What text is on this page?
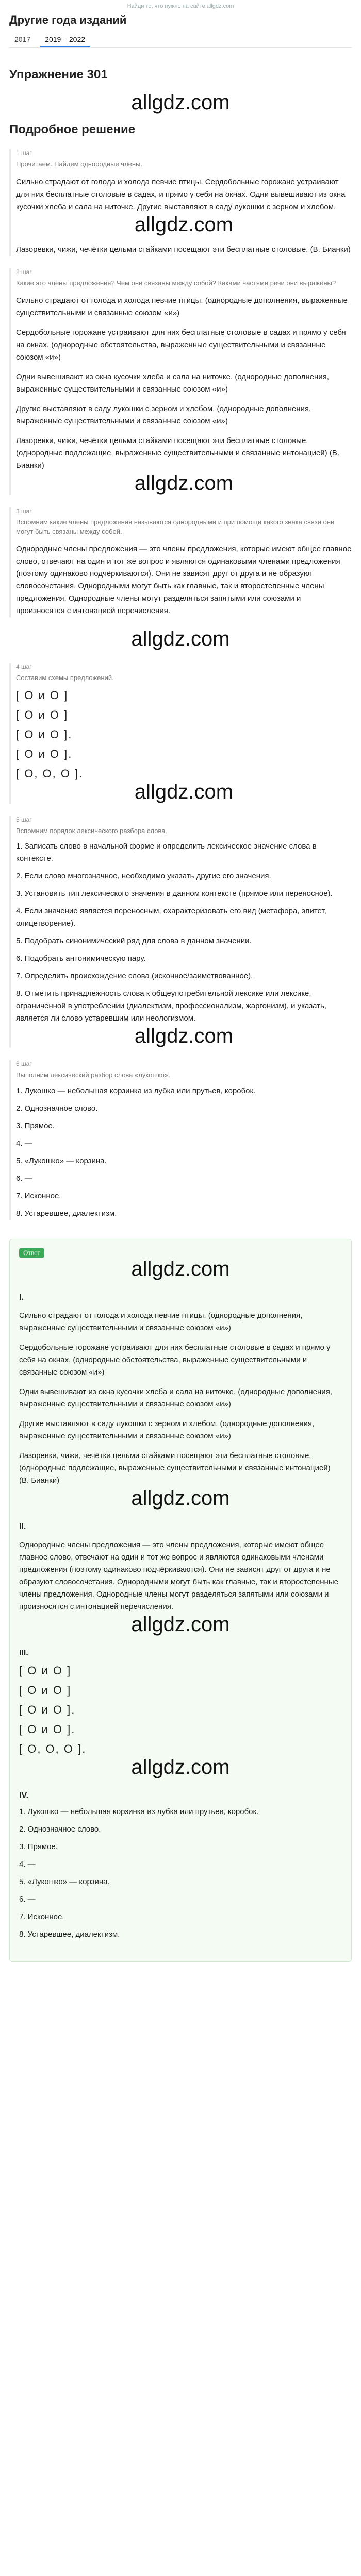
Найди то, что нужно на сайте allgdz.com
Другие года изданий
2017	2019 – 2022
Упражнение 301
allgdz.com
Подробное решение
1 шаг
Прочитаем. Найдём однородные члены.
Сильно страдают от голода и холода певчие птицы. Сердобольные горожане устраивают для них бесплатные столовые в садах, и прямо у себя на окнах. Одни вывешивают из окна кусочки хлеба и сала на ниточке. Другие выставляют в саду лукошки с зерном и хлебом.
allgdz.com
Лазоревки, чижи, чечётки цельми стайками посещают эти бесплатные столовые. (В. Бианки)
2 шаг
Какие это члены предложения? Чем они связаны между собой? Каками частями речи они выражены?
Сильно страдают от голода и холода певчие птицы. (однородные дополнения, выраженные существительными и связанные союзом «и»)
Сердобольные горожане устраивают для них бесплатные столовые в садах и прямо у себя на окнах. (однородные обстоятельства, выраженные существительными и связанные союзом «и»)
Одни вывешивают из окна кусочки хлеба и сала на ниточке. (однородные дополнения, выраженные существительными и связанные союзом «и»)
Другие выставляют в саду лукошки с зерном и хлебом. (однородные дополнения, выраженные существительными и связанные союзом «и»)
Лазоревки, чижи, чечётки цельми стайками посещают эти бесплатные столовые. (однородные подлежащие, выраженные существительными и связанные интонацией) (В. Бианки)
allgdz.com
3 шаг
Вспомним какие члены предложения называются однородными и при помощи какого знака связи они могут быть связаны между собой.
Однородные члены предложения — это члены предложения, которые имеют общее главное слово, отвечают на один и тот же вопрос и являются одинаковыми членами предложения (поэтому одинаково подчёркиваются). Они не зависят друг от друга и не образуют словосочетания. Однородными могут быть как главные, так и второстепенные члены предложения. Однородные члены могут разделяться запятыми или союзами и произносятся с интонацией перечисления.
allgdz.com
4 шаг
Составим схемы предложений.
[ О и О ]
[ О и О ]
[ О и О ].
[ О и О ].
[ О, О, О ].
allgdz.com
5 шаг
Вспомним порядок лексического разбора слова.
1. Записать слово в начальной форме и определить лексическое значение слова в контексте.
2. Если слово многозначное, необходимо указать другие его значения.
3. Установить тип лексического значения в данном контексте (прямое или переносное).
4. Если значение является переносным, охарактеризовать его вид (метафора, эпитет, олицетворение).
5. Подобрать синонимический ряд для слова в данном значении.
6. Подобрать антонимическую пару.
7. Определить происхождение слова (исконное/заимствованное).
8. Отметить принадлежность слова к общеупотребительной лексике или лексике, ограниченной в употреблении (диалектизм, профессионализм, жаргонизм), и указать, является ли слово устаревшим или неологизмом.
allgdz.com
6 шаг
Выполним лексический разбор слова «лукошко».
1. Лукошко — небольшая корзинка из лубка или прутьев, коробок.
2. Однозначное слово.
3. Прямое.
4. —
5. «Лукошко» — корзина.
6. —
7. Исконное.
8. Устаревшее, диалектизм.
Ответ
allgdz.com
I.
Сильно страдают от голода и холода певчие птицы. (однородные дополнения, выраженные существительными и связанные союзом «и»)
Сердобольные горожане устраивают для них бесплатные столовые в садах и прямо у себя на окнах. (однородные обстоятельства, выраженные существительными и связанные союзом «и»)
Одни вывешивают из окна кусочки хлеба и сала на ниточке. (однородные дополнения, выраженные существительными и связанные союзом «и»)
Другие выставляют в саду лукошки с зерном и хлебом. (однородные дополнения, выраженные существительными и связанные союзом «и»)
Лазоревки, чижи, чечётки цельми стайками посещают эти бесплатные столовые. (однородные подлежащие, выраженные существительными и связанные интонацией) (В. Бианки)
allgdz.com
II.
Однородные члены предложения — это члены предложения, которые имеют общее главное слово, отвечают на один и тот же вопрос и являются одинаковыми членами предложения (поэтому одинаково подчёркиваются). Они не зависят друг от друга и не образуют словосочетания. Однородными могут быть как главные, так и второстепенные члены предложения. Однородные члены могут разделяться запятыми или союзами и произносятся с интонацией перечисления.
allgdz.com
III.
[ О и О ]
[ О и О ]
[ О и О ].
[ О и О ].
[ О, О, О ].
allgdz.com
IV.
1. Лукошко — небольшая корзинка из лубка или прутьев, коробок.
2. Однозначное слово.
3. Прямое.
4. —
5. «Лукошко» — корзина.
6. —
7. Исконное.
8. Устаревшее, диалектизм.
